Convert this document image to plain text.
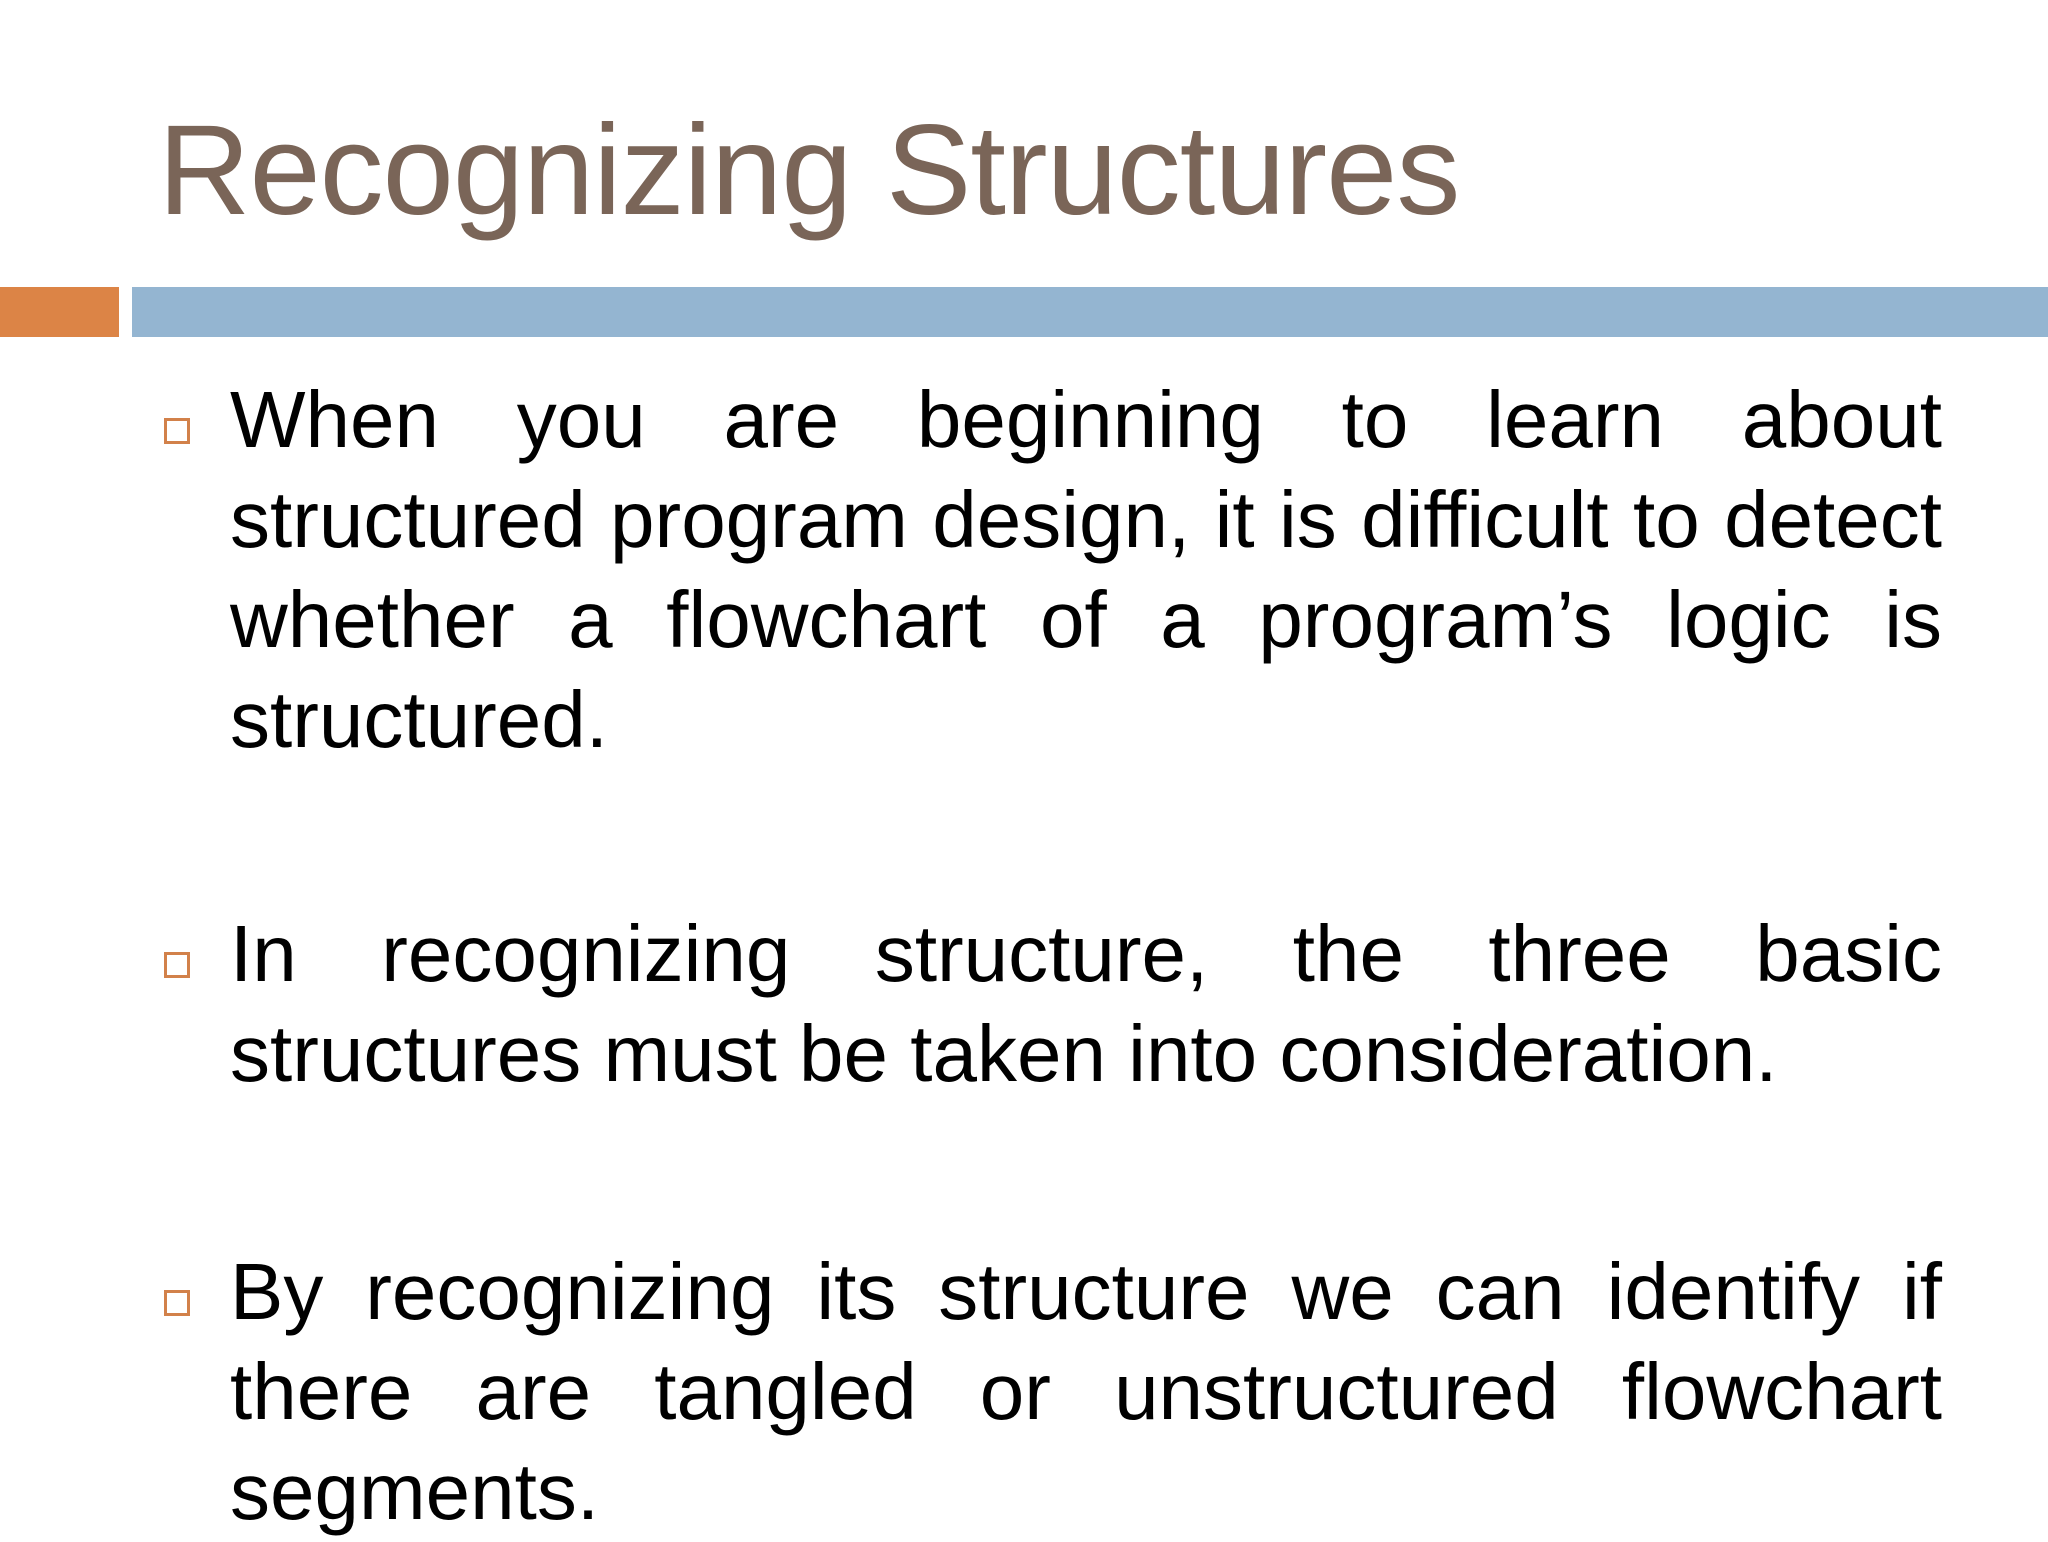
Recognizing Structures

When you are beginning to learn about structured program design, it is difficult to detect whether a flowchart of a program’s logic is structured.

In recognizing structure, the three basic structures must be taken into consideration.

By recognizing its structure we can identify if there are tangled or unstructured flowchart segments.
